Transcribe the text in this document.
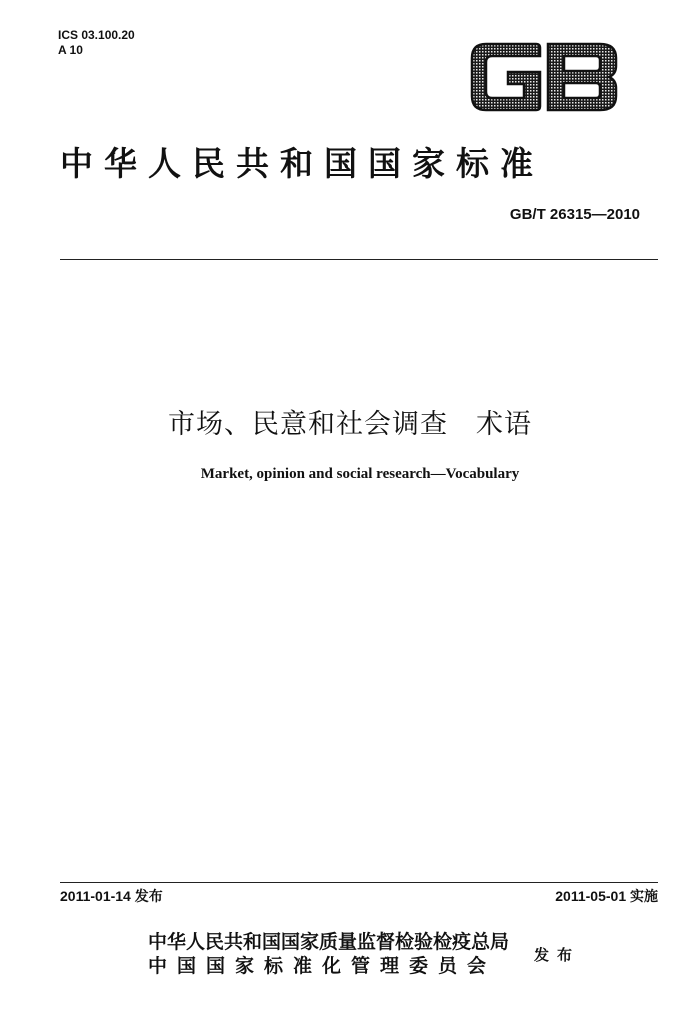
ICS 03.100.20
A 10
中华人民共和国国家标准
GB/T 26315—2010
市场、民意和社会调查　术语
Market, opinion and social research—Vocabulary
2011-01-14 发布	2011-05-01 实施
中华人民共和国国家质量监督检验检疫总局
中国国家标准化管理委员会	发布
